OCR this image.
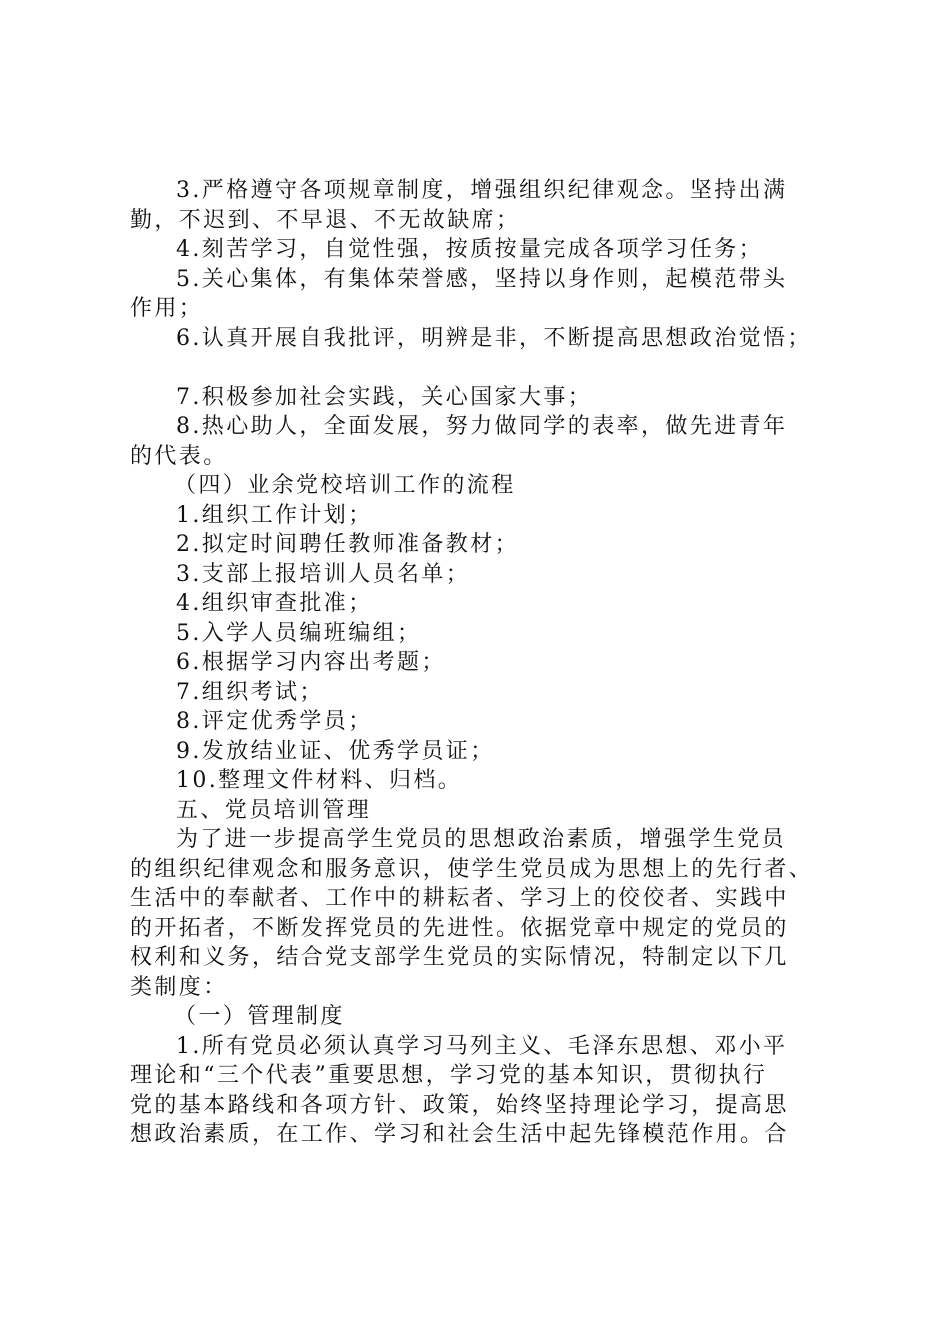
3.严格遵守各项规章制度，增强组织纪律观念。坚持出满
勤，不迟到、不早退、不无故缺席；
4.刻苦学习，自觉性强，按质按量完成各项学习任务；
5.关心集体，有集体荣誉感，坚持以身作则，起模范带头
作用；
6.认真开展自我批评，明辨是非，不断提高思想政治觉悟；
7.积极参加社会实践，关心国家大事；
8.热心助人，全面发展，努力做同学的表率，做先进青年
的代表。
（四）业余党校培训工作的流程
1.组织工作计划；
2.拟定时间聘任教师准备教材；
3.支部上报培训人员名单；
4.组织审查批准；
5.入学人员编班编组；
6.根据学习内容出考题；
7.组织考试；
8.评定优秀学员；
9.发放结业证、优秀学员证；
10.整理文件材料、归档。
五、党员培训管理
为了进一步提高学生党员的思想政治素质，增强学生党员
的组织纪律观念和服务意识，使学生党员成为思想上的先行者、
生活中的奉献者、工作中的耕耘者、学习上的佼佼者、实践中
的开拓者，不断发挥党员的先进性。依据党章中规定的党员的
权利和义务，结合党支部学生党员的实际情况，特制定以下几
类制度：
（一）管理制度
1.所有党员必须认真学习马列主义、毛泽东思想、邓小平
理论和“三个代表”重要思想，学习党的基本知识，贯彻执行
党的基本路线和各项方针、政策，始终坚持理论学习，提高思
想政治素质，在工作、学习和社会生活中起先锋模范作用。合
